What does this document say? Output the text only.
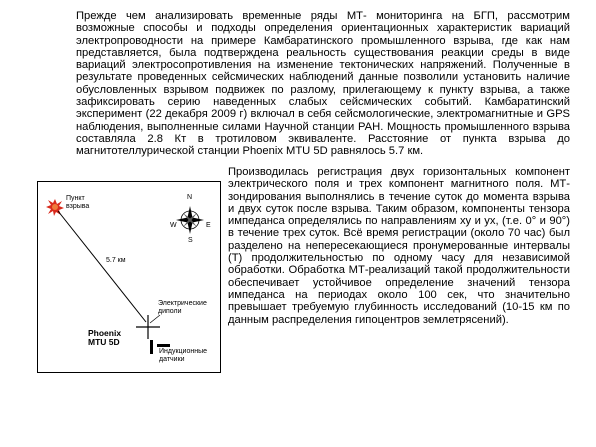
Прежде чем анализировать временные ряды МТ- мониторинга на БГП, рассмотрим возможные способы и подходы определения ориентационных характеристик вариаций электропроводности на примере Камбаратинского промышленного взрыва, где как нам представляется, была подтверждена реальность существования реакции среды в виде вариаций электросопротивления на изменение тектонических напряжений. Полученные в результате проведенных сейсмических наблюдений данные позволили установить наличие обусловленных взрывом подвижек по разлому, прилегающему к пункту взрыва, а также зафиксировать серию наведенных слабых сейсмических событий. Камбаратинский эксперимент (22 декабря 2009 г) включал в себя сейсмологические, электромагнитные и GPS наблюдения, выполненные силами Научной станции РАН. Мощность промышленного взрыва составляла 2.8 Кт в тротиловом эквиваленте. Расстояние от пункта взрыва до магнитотеллурической станции Phoenix MTU 5D равнялось 5.7 км.

Пункт
взрыва
5.7 км
N
S
E
W
Электрические
диполи
Phoenix
MTU 5D
Индукционные
датчики

Производилась регистрация двух горизонтальных компонент электрического поля и трех компонент магнитного поля. МТ-зондирования выполнялись в течение суток до момента взрыва и двух суток после взрыва. Таким образом, компоненты тензора импеданса определялись по направлениям xy и yx, (т.е. 0° и 90°) в течение трех суток. Всё время регистрации (около 70 час) был разделено на непересекающиеся пронумерованные интервалы (Т) продолжительностью по одному часу для независимой обработки. Обработка МТ-реализаций такой продолжительности обеспечивает устойчивое определение значений тензора импеданса на периодах около 100 сек, что значительно превышает требуемую глубинность исследований (10-15 км по данным распределения гипоцентров землетрясений).
